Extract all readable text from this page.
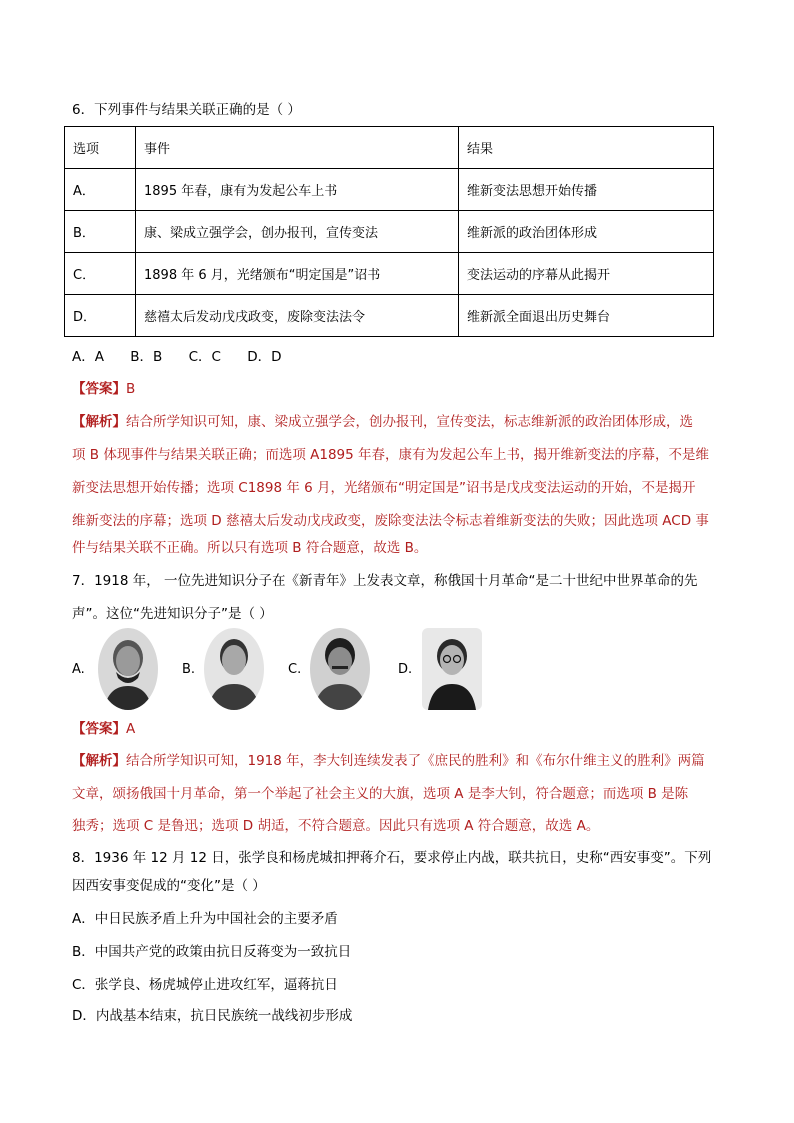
6．下列事件与结果关联正确的是（ ）
选项	事件	结果
A．	1895 年春，康有为发起公车上书	维新变法思想开始传播
B．	康、梁成立强学会，创办报刊，宣传变法	维新派的政治团体形成
C．	1898 年 6 月，光绪颁布“明定国是”诏书	变法运动的序幕从此揭开
D．	慈禧太后发动戊戌政变，废除变法法令	维新派全面退出历史舞台
A．A B．B C．C D．D
【答案】B
【解析】结合所学知识可知，康、梁成立强学会，创办报刊，宣传变法，标志维新派的政治团体形成，选
项 B 体现事件与结果关联正确；而选项 A1895 年春，康有为发起公车上书，揭开维新变法的序幕，不是维
新变法思想开始传播；选项 C1898 年 6 月，光绪颁布“明定国是”诏书是戊戌变法运动的开始，不是揭开
维新变法的序幕；选项 D 慈禧太后发动戊戌政变，废除变法法令标志着维新变法的失败；因此选项 ACD 事
件与结果关联不正确。所以只有选项 B 符合题意，故选 B。
7．1918 年， 一位先进知识分子在《新青年》上发表文章，称俄国十月革命“是二十世纪中世界革命的先
声”。这位“先进知识分子”是（ ）
A.	B.	C.	D.
【答案】A
【解析】结合所学知识可知，1918 年，李大钊连续发表了《庶民的胜利》和《布尔什维主义的胜利》两篇
文章，颂扬俄国十月革命，第一个举起了社会主义的大旗，选项 A 是李大钊，符合题意；而选项 B 是陈
独秀；选项 C 是鲁迅；选项 D 胡适，不符合题意。因此只有选项 A 符合题意，故选 A。
8．1936 年 12 月 12 日，张学良和杨虎城扣押蒋介石，要求停止内战，联共抗日，史称“西安事变”。下列
因西安事变促成的“变化”是（ ）
A．中日民族矛盾上升为中国社会的主要矛盾
B．中国共产党的政策由抗日反蒋变为一致抗日
C．张学良、杨虎城停止进攻红军，逼蒋抗日
D．内战基本结束，抗日民族统一战线初步形成
